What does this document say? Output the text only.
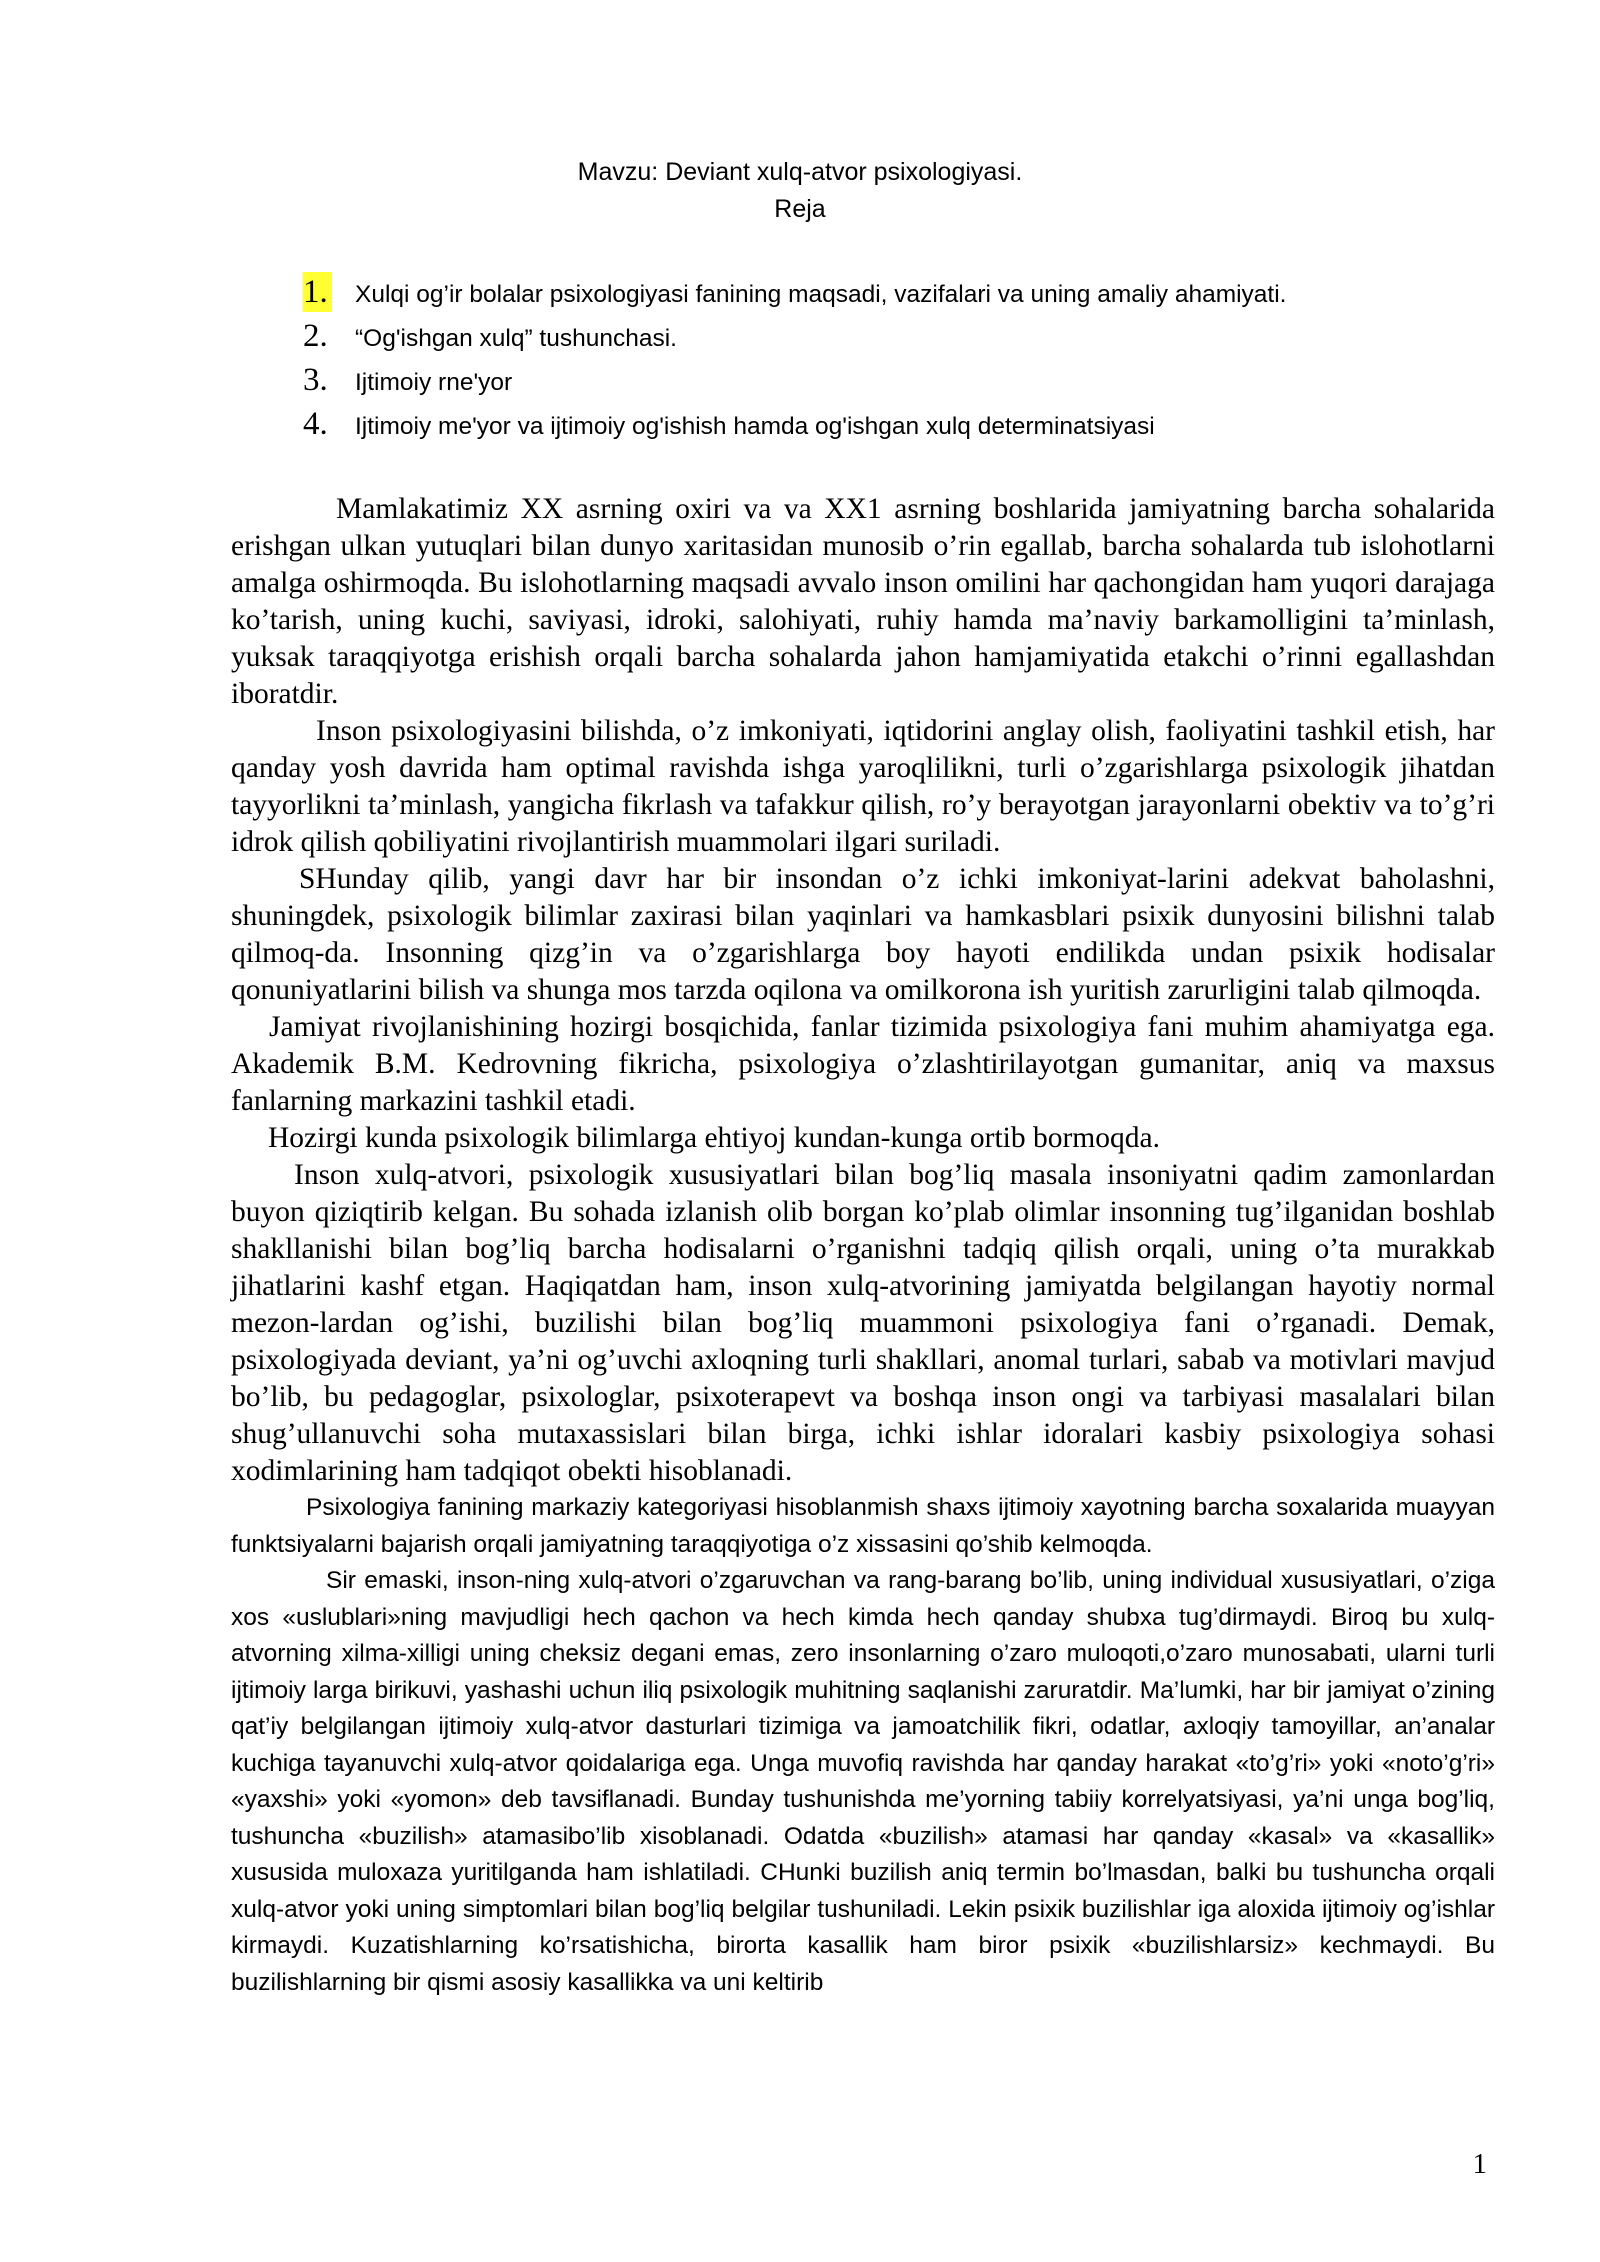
Mavzu: Deviant xulq-atvor psixologiyasi.
Reja
1. Xulqi og’ir bolalar psixologiyasi fanining maqsadi, vazifalari va uning amaliy ahamiyati.
2. “Og'ishgan xulq” tushunchasi.
3. Ijtimoiy rne'yor
4. Ijtimoiy me'yor va ijtimoiy og'ishish hamda og'ishgan xulq determinatsiyasi

Mamlakatimiz XX asrning oxiri va va XX1 asrning boshlarida jamiyatning barcha sohalarida erishgan ulkan yutuqlari bilan dunyo xaritasidan munosib o’rin egallab, barcha sohalarda tub islohotlarni amalga oshirmoqda. Bu islohotlarning maqsadi avvalo inson omilini har qachongidan ham yuqori darajaga ko’tarish, uning kuchi, saviyasi, idroki, salohiyati, ruhiy hamda ma’naviy barkamolligini ta’minlash, yuksak taraqqiyotga erishish orqali barcha sohalarda jahon hamjamiyatida etakchi o’rinni egallashdan iboratdir.

Inson psixologiyasini bilishda, o’z imkoniyati, iqtidorini anglay olish, faoliyatini tashkil etish, har qanday yosh davrida ham optimal ravishda ishga yaroqlilikni, turli o’zgarishlarga psixologik jihatdan tayyorlikni ta’minlash, yangicha fikrlash va tafakkur qilish, ro’y berayotgan jarayonlarni obektiv va to’g’ri idrok qilish qobiliyatini rivojlantirish muammolari ilgari suriladi.

SHunday qilib, yangi davr har bir insondan o’z ichki imkoniyat-larini adekvat baholashni, shuningdek, psixologik bilimlar zaxirasi bilan yaqinlari va hamkasblari psixik dunyosini bilishni talab qilmoq-da. Insonning qizg’in va o’zgarishlarga boy hayoti endilikda undan psixik hodisalar qonuniyatlarini bilish va shunga mos tarzda oqilona va omilkorona ish yuritish zarurligini talab qilmoqda.

Jamiyat rivojlanishining hozirgi bosqichida, fanlar tizimida psixologiya fani muhim ahamiyatga ega. Akademik B.M. Kedrovning fikricha, psixologiya o’zlashtirilayotgan gumanitar, aniq va maxsus fanlarning markazini tashkil etadi.

Hozirgi kunda psixologik bilimlarga ehtiyoj kundan-kunga ortib bormoqda.

Inson xulq-atvori, psixologik xususiyatlari bilan bog’liq masala insoniyatni qadim zamonlardan buyon qiziqtirib kelgan. Bu sohada izlanish olib borgan ko’plab olimlar insonning tug’ilganidan boshlab shakllanishi bilan bog’liq barcha hodisalarni o’rganishni tadqiq qilish orqali, uning o’ta murakkab jihatlarini kashf etgan. Haqiqatdan ham, inson xulq-atvorining jamiyatda belgilangan hayotiy normal mezon-lardan og’ishi, buzilishi bilan bog’liq muammoni psixologiya fani o’rganadi. Demak, psixologiyada deviant, ya’ni og’uvchi axloqning turli shakllari, anomal turlari, sabab va motivlari mavjud bo’lib, bu pedagoglar, psixologlar, psixoterapevt va boshqa inson ongi va tarbiyasi masalalari bilan shug’ullanuvchi soha mutaxassislari bilan birga, ichki ishlar idoralari kasbiy psixologiya sohasi xodimlarining ham tadqiqot obekti hisoblanadi.

Psixologiya fanining markaziy kategoriyasi hisoblanmish shaxs ijtimoiy xayotning barcha soxalarida muayyan funktsiyalarni bajarish orqali jamiyatning taraqqiyotiga o’z xissasini qo’shib kelmoqda.

Sir emaski, inson-ning xulq-atvori o’zgaruvchan va rang-barang bo’lib, uning individual xususiyatlari, o’ziga xos «uslublari»ning mavjudligi hech qachon va hech kimda hech qanday shubxa tug’dirmaydi. Biroq bu xulq-atvorning xilma-xilligi uning cheksiz degani emas, zero insonlarning o’zaro muloqoti,o’zaro munosabati, ularni turli ijtimoiy larga birikuvi, yashashi uchun iliq psixologik muhitning saqlanishi zaruratdir. Ma’lumki, har bir jamiyat o’zining qat’iy belgilangan ijtimoiy xulq-atvor dasturlari tizimiga va jamoatchilik fikri, odatlar, axloqiy tamoyillar, an’analar kuchiga tayanuvchi xulq-atvor qoidalariga ega. Unga muvofiq ravishda har qanday harakat «to’g’ri» yoki «noto’g’ri» «yaxshi» yoki «yomon» deb tavsiflanadi. Bunday tushunishda me’yorning tabiiy korrelyatsiyasi, ya’ni unga bog’liq, tushuncha «buzilish» atamasibo’lib xisoblanadi. Odatda «buzilish» atamasi har qanday «kasal» va «kasallik» xususida muloxaza yuritilganda ham ishlatiladi. CHunki buzilish aniq termin bo’lmasdan, balki bu tushuncha orqali xulq-atvor yoki uning simptomlari bilan bog’liq belgilar tushuniladi. Lekin psixik buzilishlar iga aloxida ijtimoiy og’ishlar kirmaydi. Kuzatishlarning ko’rsatishicha, birorta kasallik ham biror psixik «buzilishlarsiz» kechmaydi. Bu buzilishlarning bir qismi asosiy kasallikka va uni keltirib

1
